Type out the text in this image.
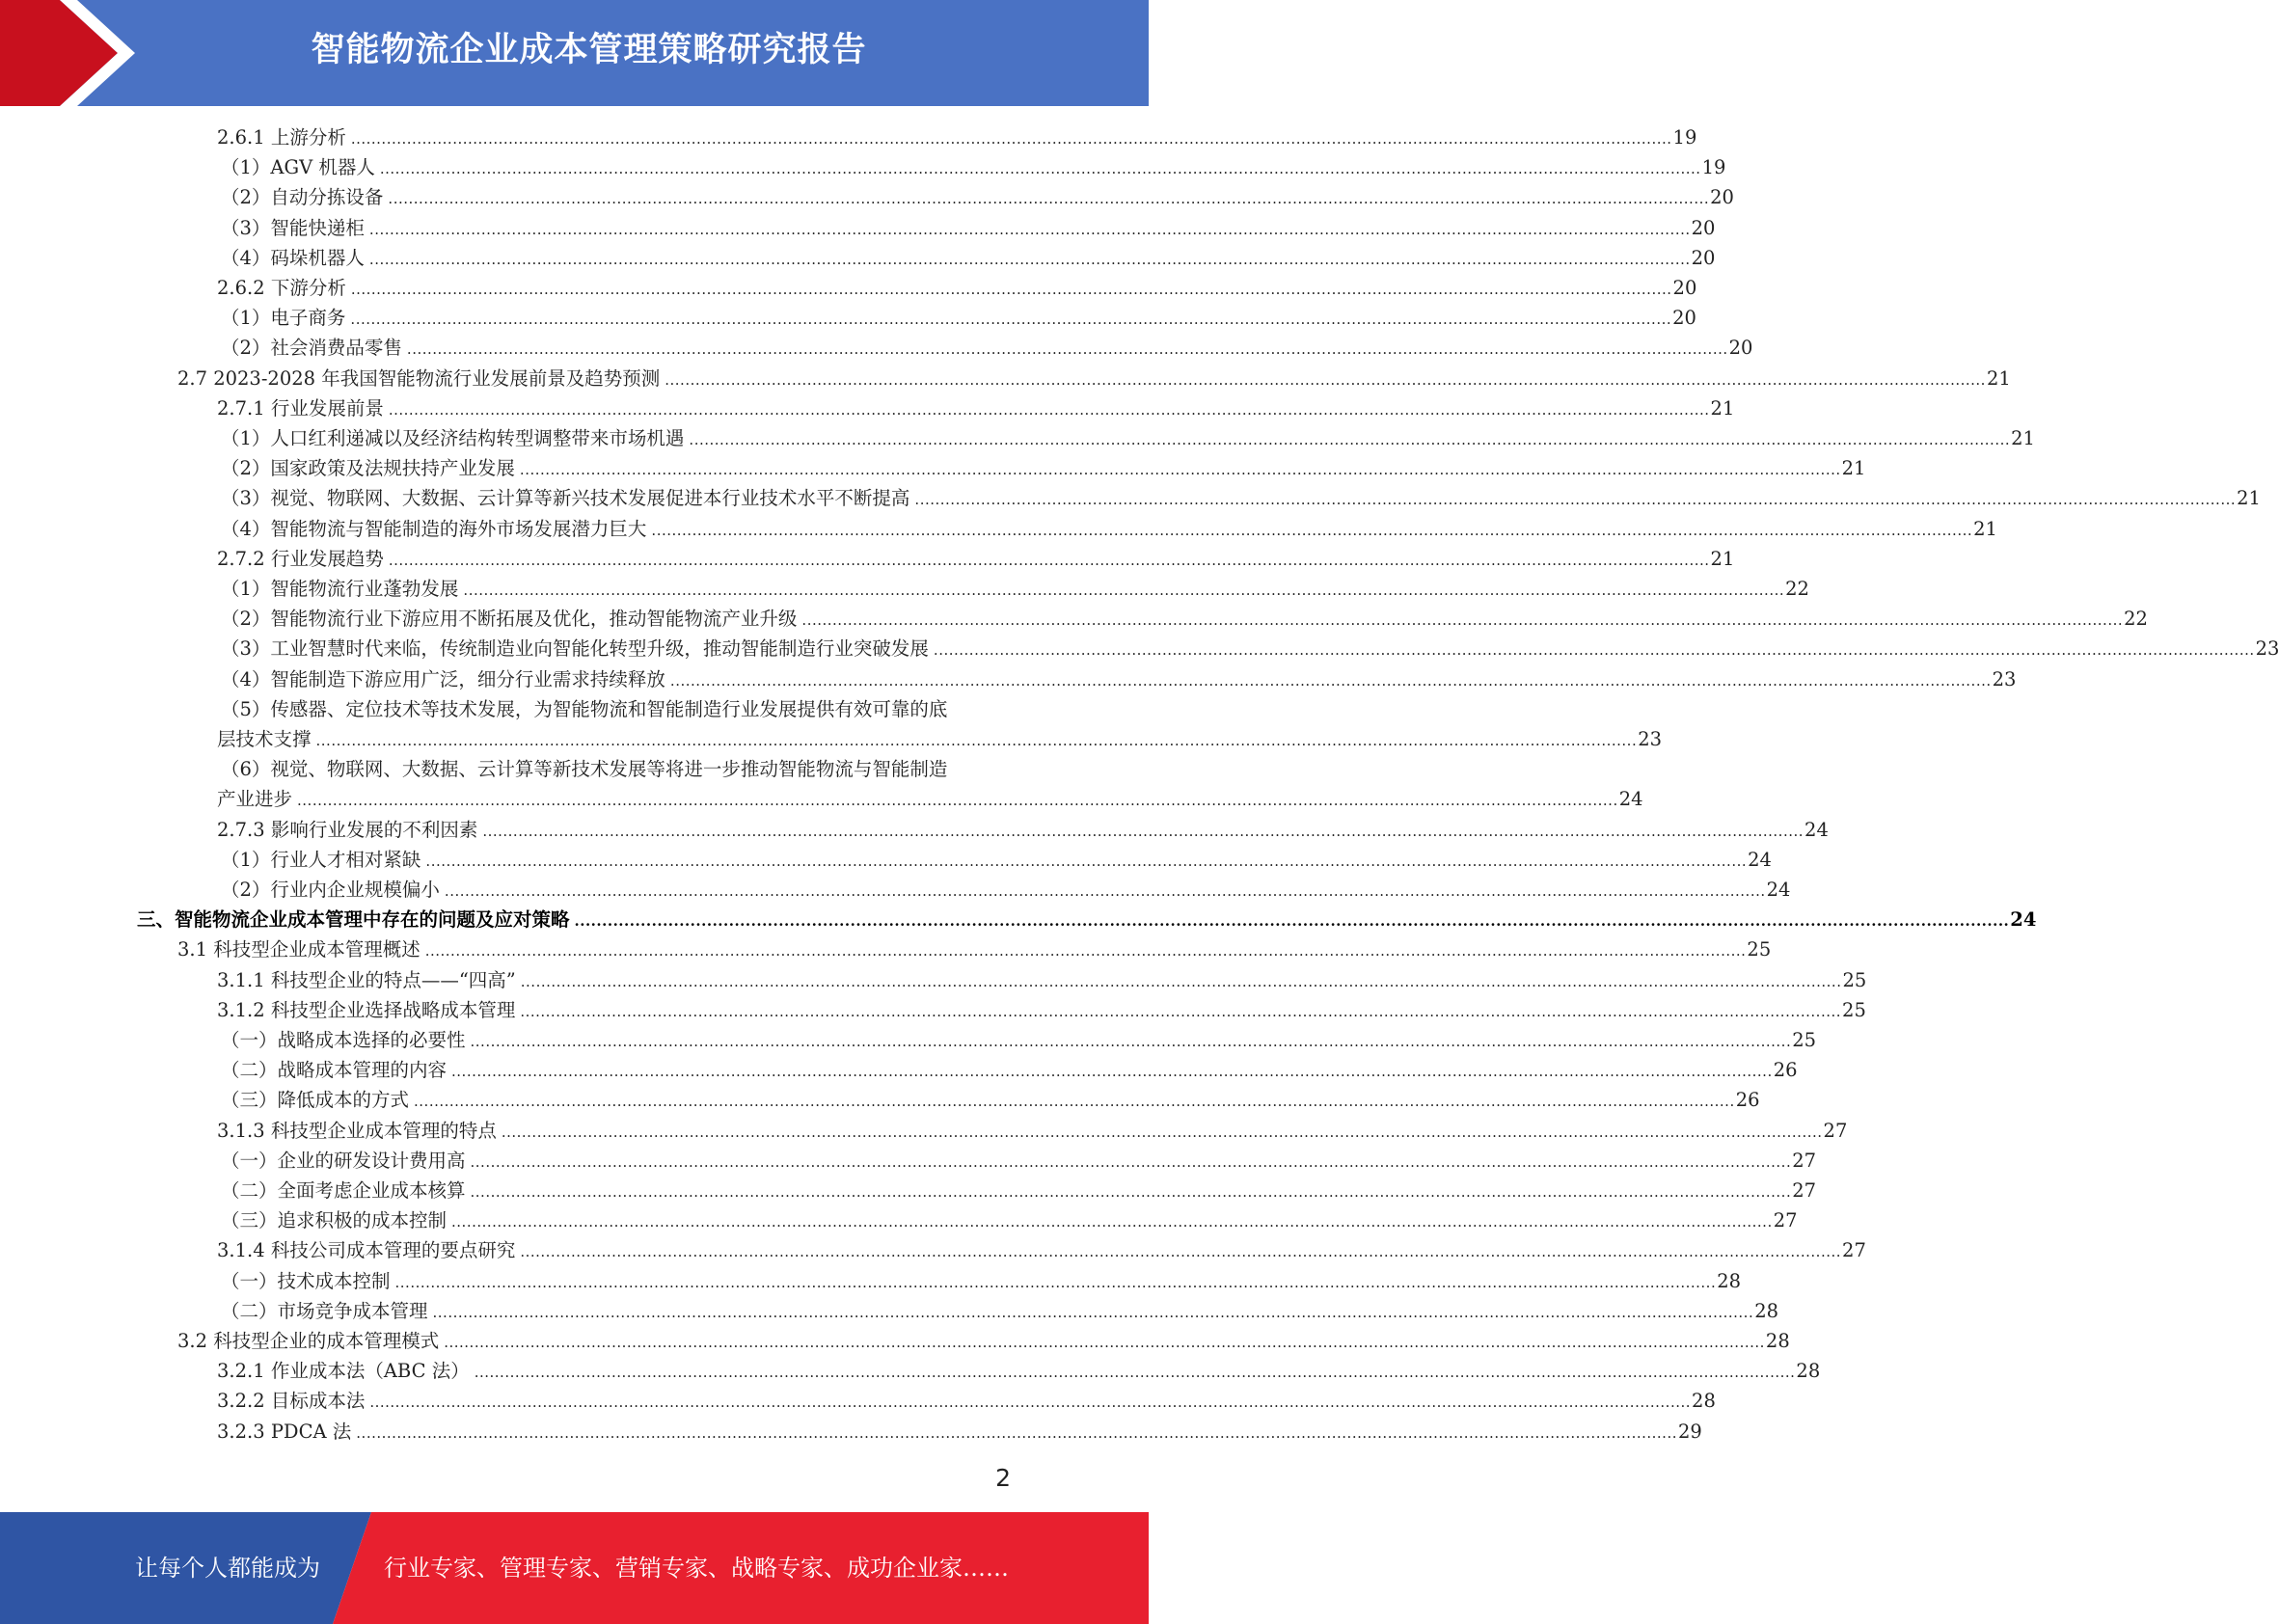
智能物流企业成本管理策略研究报告
2.6.1 上游分析 .................................................................................................................................................................................................................................................................... 19
（1）AGV 机器人 .................................................................................................................................................................................................................................................................... 19
（2）自动分拣设备 .................................................................................................................................................................................................................................................................... 20
（3）智能快递柜 .................................................................................................................................................................................................................................................................... 20
（4）码垛机器人 .................................................................................................................................................................................................................................................................... 20
2.6.2 下游分析 .................................................................................................................................................................................................................................................................... 20
（1）电子商务 .................................................................................................................................................................................................................................................................... 20
（2）社会消费品零售 .................................................................................................................................................................................................................................................................... 20
2.7 2023-2028 年我国智能物流行业发展前景及趋势预测 .................................................................................................................................................................................................................................................................... 21
2.7.1 行业发展前景 .................................................................................................................................................................................................................................................................... 21
（1）人口红利递减以及经济结构转型调整带来市场机遇 .................................................................................................................................................................................................................................................................... 21
（2）国家政策及法规扶持产业发展 .................................................................................................................................................................................................................................................................... 21
（3）视觉、物联网、大数据、云计算等新兴技术发展促进本行业技术水平不断提高 .................................................................................................................................................................................................................................................................... 21
（4）智能物流与智能制造的海外市场发展潜力巨大 .................................................................................................................................................................................................................................................................... 21
2.7.2 行业发展趋势 .................................................................................................................................................................................................................................................................... 21
（1）智能物流行业蓬勃发展 .................................................................................................................................................................................................................................................................... 22
（2）智能物流行业下游应用不断拓展及优化，推动智能物流产业升级 .................................................................................................................................................................................................................................................................... 22
（3）工业智慧时代来临，传统制造业向智能化转型升级，推动智能制造行业突破发展 .................................................................................................................................................................................................................................................................... 23
（4）智能制造下游应用广泛，细分行业需求持续释放 .................................................................................................................................................................................................................................................................... 23
（5）传感器、定位技术等技术发展，为智能物流和智能制造行业发展提供有效可靠的底
层技术支撑 .................................................................................................................................................................................................................................................................... 23
（6）视觉、物联网、大数据、云计算等新技术发展等将进一步推动智能物流与智能制造
产业进步 .................................................................................................................................................................................................................................................................... 24
2.7.3 影响行业发展的不利因素 .................................................................................................................................................................................................................................................................... 24
（1）行业人才相对紧缺 .................................................................................................................................................................................................................................................................... 24
（2）行业内企业规模偏小 .................................................................................................................................................................................................................................................................... 24
三、智能物流企业成本管理中存在的问题及应对策略 .................................................................................................................................................................................................................................................................... 24
3.1 科技型企业成本管理概述 .................................................................................................................................................................................................................................................................... 25
3.1.1 科技型企业的特点——“四高” .................................................................................................................................................................................................................................................................... 25
3.1.2 科技型企业选择战略成本管理 .................................................................................................................................................................................................................................................................... 25
（一）战略成本选择的必要性 .................................................................................................................................................................................................................................................................... 25
（二）战略成本管理的内容 .................................................................................................................................................................................................................................................................... 26
（三）降低成本的方式 .................................................................................................................................................................................................................................................................... 26
3.1.3 科技型企业成本管理的特点 .................................................................................................................................................................................................................................................................... 27
（一）企业的研发设计费用高 .................................................................................................................................................................................................................................................................... 27
（二）全面考虑企业成本核算 .................................................................................................................................................................................................................................................................... 27
（三）追求积极的成本控制 .................................................................................................................................................................................................................................................................... 27
3.1.4 科技公司成本管理的要点研究 .................................................................................................................................................................................................................................................................... 27
（一）技术成本控制 .................................................................................................................................................................................................................................................................... 28
（二）市场竞争成本管理 .................................................................................................................................................................................................................................................................... 28
3.2 科技型企业的成本管理模式 .................................................................................................................................................................................................................................................................... 28
3.2.1 作业成本法（ABC 法） .................................................................................................................................................................................................................................................................... 28
3.2.2 目标成本法 .................................................................................................................................................................................................................................................................... 28
3.2.3 PDCA 法 .................................................................................................................................................................................................................................................................... 29
2
让每个人都能成为	行业专家、管理专家、营销专家、战略专家、成功企业家……
